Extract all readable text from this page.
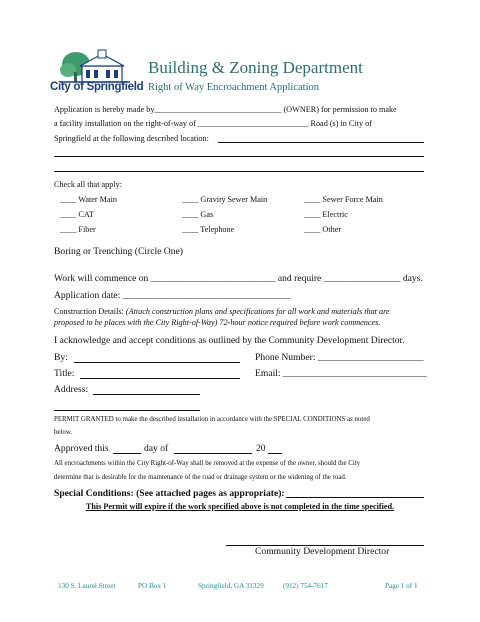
City of Springfield
Building & Zoning Department
Right of Way Encroachment Application
Application is hereby made by_______________________________ (OWNER) for permission to make
a facility installation on the right-of-way of ___________________________ Road (s) in City of
Springfield at the following described location:
Check all that apply:
____ Water Main	____ Gravity Sewer Main	____ Sewer Force Main
____ CAT	____ Gas	____ Electric
____ Fiber	____ Telephone	____ Other
Boring or Trenching (Circle One)
Work will commence on __________________________ and require ________________ days.
Application date: ___________________________________
Construction Details: (Attach construction plans and specifications for all work and materials that are
proposed to be places with the City Right-of-Way) 72-hour notice required before work commences.
I acknowledge and accept conditions as outlined by the Community Development Director.
By:	Phone Number: ______________________
Title:	Email: ______________________________
Address:
PERMIT GRANTED to make the described installation in accordance with the SPECIAL CONDITIONS as noted
below.
Approved this	day of	20
All encroachments within the City Right-of-Way shall be removed at the expense of the owner, should the City
determine that is desirable for the maintenance of the road or drainage system or the widening of the road.
Special Conditions: (See attached pages as appropriate):
This Permit will expire if the work specified above is not completed in the time specified.
Community Development Director
130 S. Laurel Street	PO Box 1	Springfield, GA 31329	(912) 754-7617	Page 1 of 1
